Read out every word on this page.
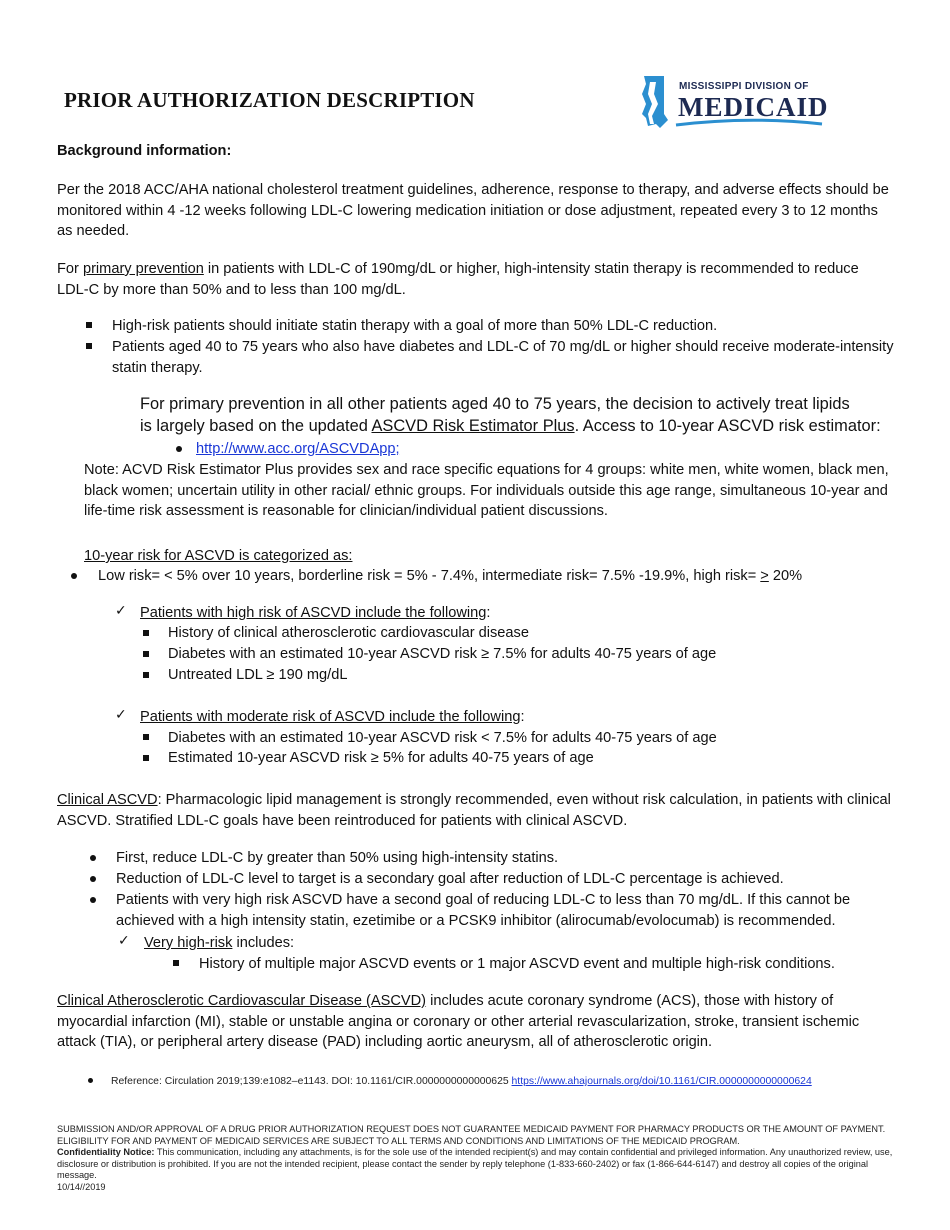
PRIOR AUTHORIZATION DESCRIPTION
MISSISSIPPI DIVISION OF
MEDICAID
Background information:
Per the 2018 ACC/AHA national cholesterol treatment guidelines, adherence, response to therapy, and adverse effects should be monitored within 4 -12 weeks following LDL-C lowering medication initiation or dose adjustment, repeated every 3 to 12 months as needed.
For primary prevention in patients with LDL-C of 190mg/dL or higher, high-intensity statin therapy is recommended to reduce LDL-C by more than 50% and to less than 100 mg/dL.
High-risk patients should initiate statin therapy with a goal of more than 50% LDL-C reduction.
Patients aged 40 to 75 years who also have diabetes and LDL-C of 70 mg/dL or higher should receive moderate-intensity statin therapy.
For primary prevention in all other patients aged 40 to 75 years, the decision to actively treat lipids
is largely based on the updated ASCVD Risk Estimator Plus. Access to 10-year ASCVD risk estimator:
http://www.acc.org/ASCVDApp;
Note: ACVD Risk Estimator Plus provides sex and race specific equations for 4 groups: white men, white women, black men, black women; uncertain utility in other racial/ ethnic groups. For individuals outside this age range, simultaneous 10-year and life-time risk assessment is reasonable for clinician/individual patient discussions.
10-year risk for ASCVD is categorized as:
Low risk= < 5% over 10 years, borderline risk = 5% - 7.4%, intermediate risk= 7.5% -19.9%, high risk= ≥ 20%
✓ Patients with high risk of ASCVD include the following:
History of clinical atherosclerotic cardiovascular disease
Diabetes with an estimated 10-year ASCVD risk ≥ 7.5% for adults 40-75 years of age
Untreated LDL ≥ 190 mg/dL
✓ Patients with moderate risk of ASCVD include the following:
Diabetes with an estimated 10-year ASCVD risk < 7.5% for adults 40-75 years of age
Estimated 10-year ASCVD risk ≥ 5% for adults 40-75 years of age
Clinical ASCVD: Pharmacologic lipid management is strongly recommended, even without risk calculation, in patients with clinical ASCVD. Stratified LDL-C goals have been reintroduced for patients with clinical ASCVD.
First, reduce LDL-C by greater than 50% using high-intensity statins.
Reduction of LDL-C level to target is a secondary goal after reduction of LDL-C percentage is achieved.
Patients with very high risk ASCVD have a second goal of reducing LDL-C to less than 70 mg/dL. If this cannot be achieved with a high intensity statin, ezetimibe or a PCSK9 inhibitor (alirocumab/evolocumab) is recommended.
✓ Very high-risk includes:
History of multiple major ASCVD events or 1 major ASCVD event and multiple high-risk conditions.
Clinical Atherosclerotic Cardiovascular Disease (ASCVD) includes acute coronary syndrome (ACS), those with history of myocardial infarction (MI), stable or unstable angina or coronary or other arterial revascularization, stroke, transient ischemic attack (TIA), or peripheral artery disease (PAD) including aortic aneurysm, all of atherosclerotic origin.
Reference: Circulation 2019;139:e1082–e1143. DOI: 10.1161/CIR.0000000000000625 https://www.ahajournals.org/doi/10.1161/CIR.0000000000000624
SUBMISSION AND/OR APPROVAL OF A DRUG PRIOR AUTHORIZATION REQUEST DOES NOT GUARANTEE MEDICAID PAYMENT FOR PHARMACY PRODUCTS OR THE AMOUNT OF PAYMENT.
ELIGIBILITY FOR AND PAYMENT OF MEDICAID SERVICES ARE SUBJECT TO ALL TERMS AND CONDITIONS AND LIMITATIONS OF THE MEDICAID PROGRAM.
Confidentiality Notice: This communication, including any attachments, is for the sole use of the intended recipient(s) and may contain confidential and privileged information. Any unauthorized review, use, disclosure or distribution is prohibited. If you are not the intended recipient, please contact the sender by reply telephone (1-833-660-2402) or fax (1-866-644-6147) and destroy all copies of the original message.
10/14//2019
